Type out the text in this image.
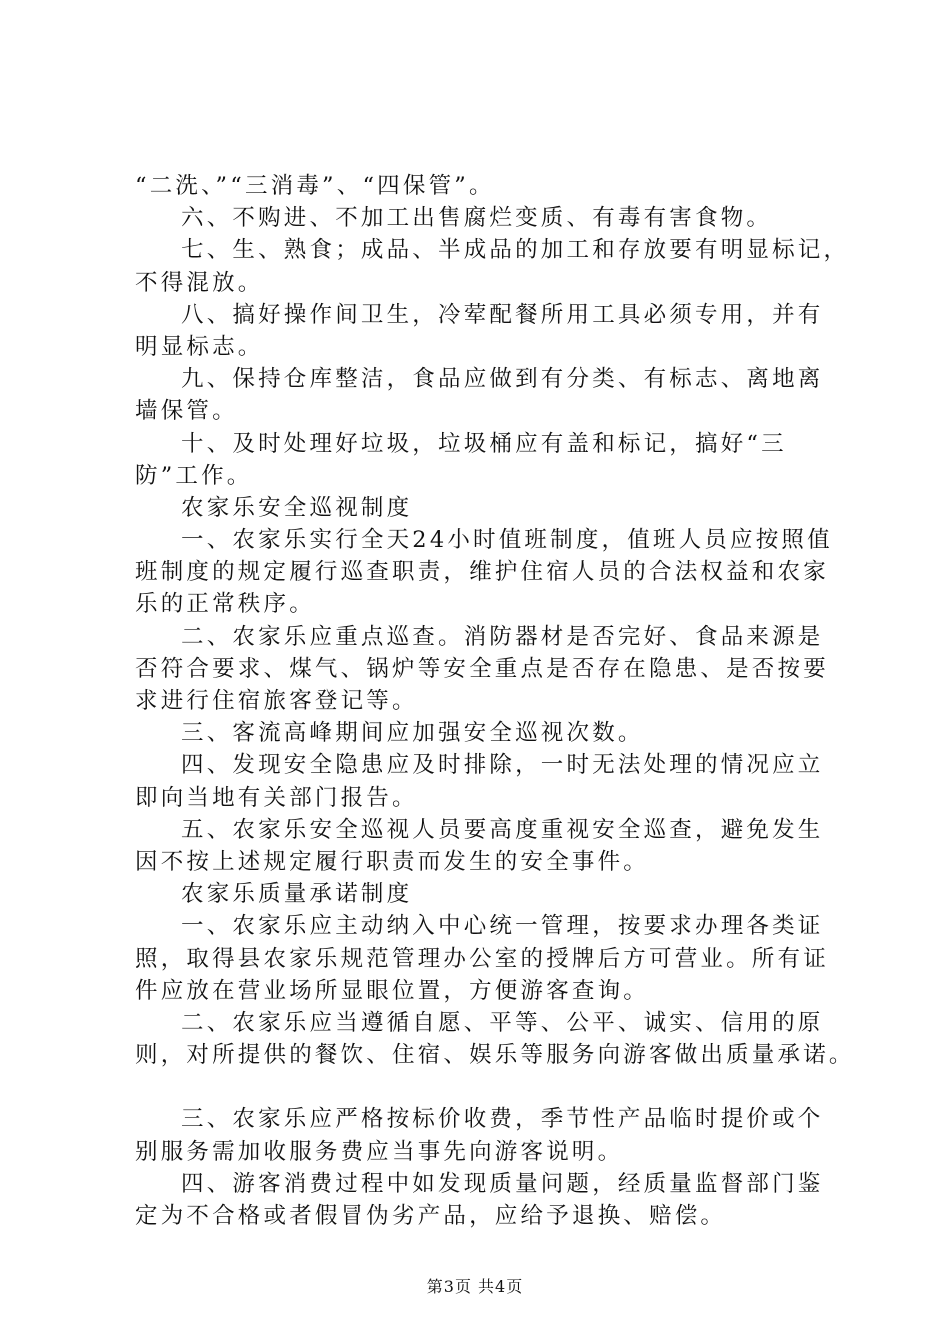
“二洗、”“三消毒”、“四保管”。
六、不购进、不加工出售腐烂变质、有毒有害食物。
七、生、熟食；成品、半成品的加工和存放要有明显标记，
不得混放。
八、搞好操作间卫生，冷荤配餐所用工具必须专用，并有
明显标志。
九、保持仓库整洁，食品应做到有分类、有标志、离地离
墙保管。
十、及时处理好垃圾，垃圾桶应有盖和标记，搞好“三
防”工作。
农家乐安全巡视制度
一、农家乐实行全天24小时值班制度，值班人员应按照值
班制度的规定履行巡查职责，维护住宿人员的合法权益和农家
乐的正常秩序。
二、农家乐应重点巡查。消防器材是否完好、食品来源是
否符合要求、煤气、锅炉等安全重点是否存在隐患、是否按要
求进行住宿旅客登记等。
三、客流高峰期间应加强安全巡视次数。
四、发现安全隐患应及时排除，一时无法处理的情况应立
即向当地有关部门报告。
五、农家乐安全巡视人员要高度重视安全巡查，避免发生
因不按上述规定履行职责而发生的安全事件。
农家乐质量承诺制度
一、农家乐应主动纳入中心统一管理，按要求办理各类证
照，取得县农家乐规范管理办公室的授牌后方可营业。所有证
件应放在营业场所显眼位置，方便游客查询。
二、农家乐应当遵循自愿、平等、公平、诚实、信用的原
则，对所提供的餐饮、住宿、娱乐等服务向游客做出质量承诺。
三、农家乐应严格按标价收费，季节性产品临时提价或个
别服务需加收服务费应当事先向游客说明。
四、游客消费过程中如发现质量问题，经质量监督部门鉴
定为不合格或者假冒伪劣产品，应给予退换、赔偿。
第3页 共4页
